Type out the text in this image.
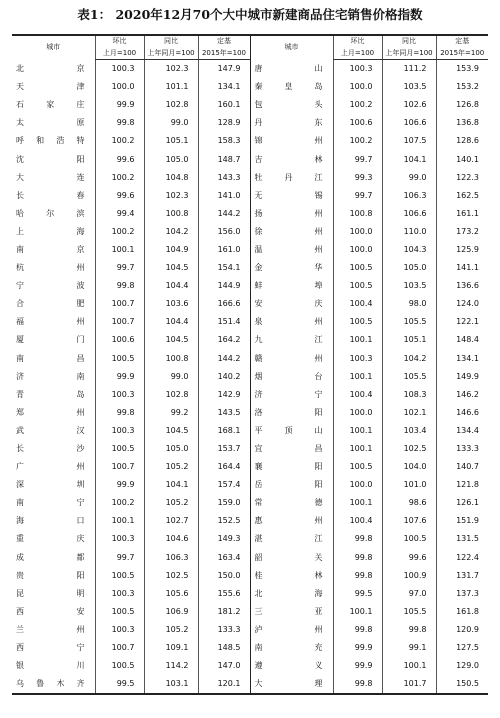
表1： 2020年12月70个大中城市新建商品住宅销售价格指数
城市	环比	同比	定基	城市	环比	同比	定基
	上月=100	上年同月=100	2015年=100		上月=100	上年同月=100	2015年=100
北　京	100.3	102.3	147.9	唐　山	100.3	111.2	153.9
天　津	100.0	101.1	134.1	秦皇岛	100.0	103.5	153.2
石家庄	99.9	102.8	160.1	包　头	100.2	102.6	126.8
太　原	99.8	99.0	128.9	丹　东	100.6	106.6	136.8
呼和浩特	100.2	105.1	158.3	锦　州	100.2	107.5	128.6
沈　阳	99.6	105.0	148.7	吉　林	99.7	104.1	140.1
大　连	100.2	104.8	143.3	牡丹江	99.3	99.0	122.3
长　春	99.6	102.3	141.0	无　锡	99.7	106.3	162.5
哈尔滨	99.4	100.8	144.2	扬　州	100.8	106.6	161.1
上　海	100.2	104.2	156.0	徐　州	100.0	110.0	173.2
南　京	100.1	104.9	161.0	温　州	100.0	104.3	125.9
杭　州	99.7	104.5	154.1	金　华	100.5	105.0	141.1
宁　波	99.8	104.4	144.9	蚌　埠	100.5	103.5	136.6
合　肥	100.7	103.6	166.6	安　庆	100.4	98.0	124.0
福　州	100.7	104.4	151.4	泉　州	100.5	105.5	122.1
厦　门	100.6	104.5	164.2	九　江	100.1	105.1	148.4
南　昌	100.5	100.8	144.2	赣　州	100.3	104.2	134.1
济　南	99.9	99.0	140.2	烟　台	100.1	105.5	149.9
青　岛	100.3	102.8	142.9	济　宁	100.4	108.3	146.2
郑　州	99.8	99.2	143.5	洛　阳	100.0	102.1	146.6
武　汉	100.3	104.5	168.1	平顶山	100.1	103.4	134.4
长　沙	100.5	105.0	153.7	宜　昌	100.1	102.5	133.3
广　州	100.7	105.2	164.4	襄　阳	100.5	104.0	140.7
深　圳	99.9	104.1	157.4	岳　阳	100.0	101.0	121.8
南　宁	100.2	105.2	159.0	常　德	100.1	98.6	126.1
海　口	100.1	102.7	152.5	惠　州	100.4	107.6	151.9
重　庆	100.3	104.6	149.3	湛　江	99.8	100.5	131.5
成　都	99.7	106.3	163.4	韶　关	99.8	99.6	122.4
贵　阳	100.5	102.5	150.0	桂　林	99.8	100.9	131.7
昆　明	100.3	105.6	155.6	北　海	99.5	97.0	137.3
西　安	100.5	106.9	181.2	三　亚	100.1	105.5	161.8
兰　州	100.3	105.2	133.3	泸　州	99.8	99.8	120.9
西　宁	100.7	109.1	148.5	南　充	99.9	99.1	127.5
银　川	100.5	114.2	147.0	遵　义	99.9	100.1	129.0
乌鲁木齐	99.5	103.1	120.1	大　理	99.8	101.7	150.5
